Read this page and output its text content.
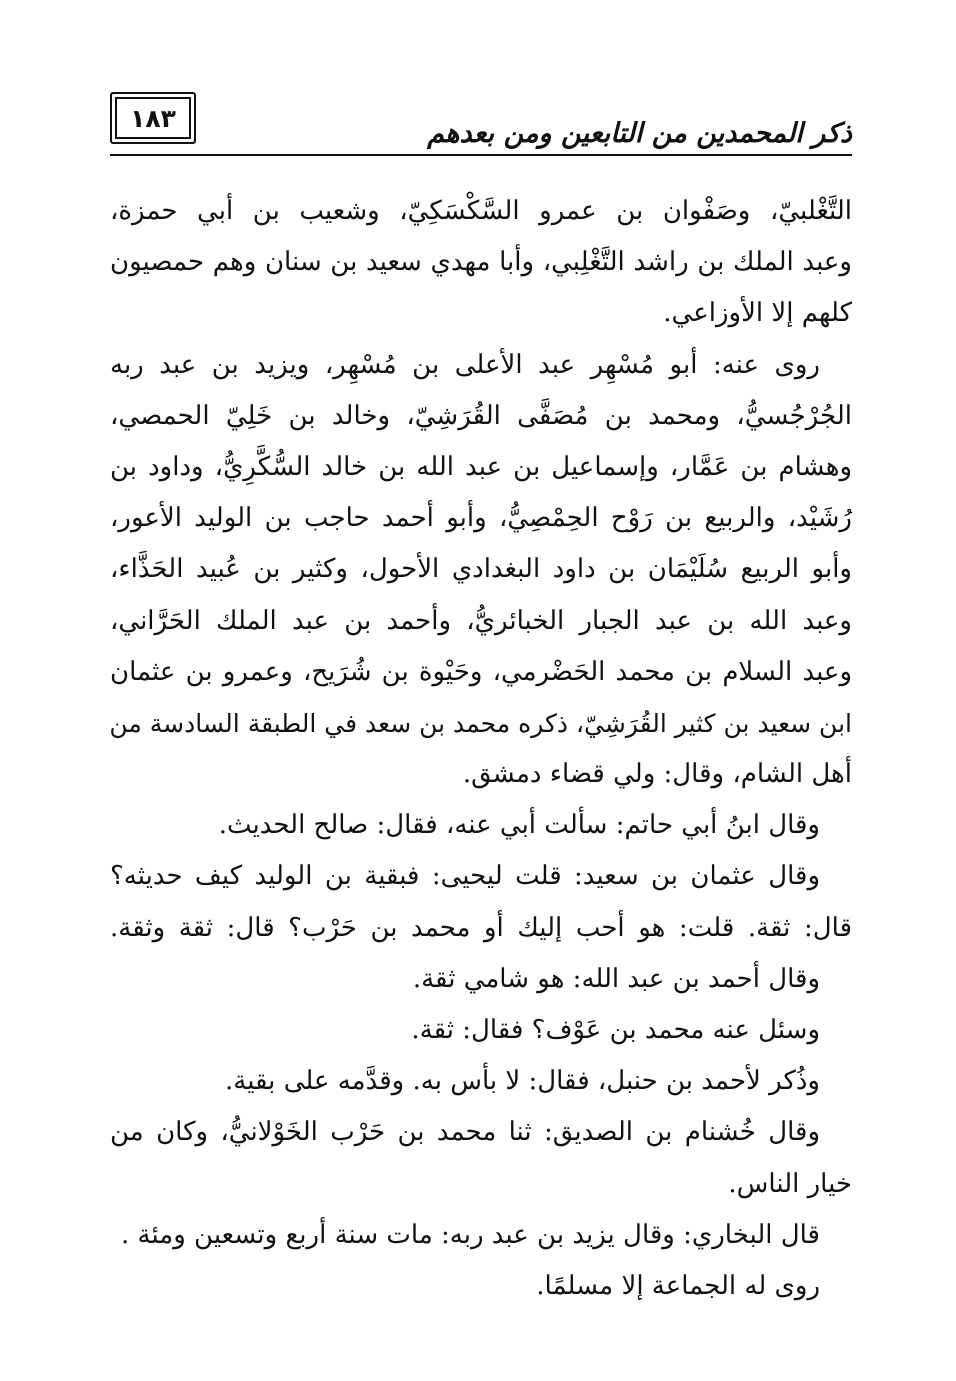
ذكر المحمدين من التابعين ومن بعدهم
١٨٣
التَّغْلبيّ، وصَفْوان بن عمرو السَّكْسَكِيّ، وشعيب بن أبي حمزة،
وعبد الملك بن راشد التَّغْلِبي، وأبا مهدي سعيد بن سنان وهم حمصيون
كلهم إلا الأوزاعي.
روى عنه: أبو مُسْهِر عبد الأعلى بن مُسْهِر، ويزيد بن عبد ربه
الجُرْجُسيُّ، ومحمد بن مُصَفَّى القُرَشِيّ، وخالد بن خَلِيّ الحمصي،
وهشام بن عَمَّار، وإسماعيل بن عبد الله بن خالد السُّكَّرِيُّ، وداود بن
رُشَيْد، والربيع بن رَوْح الحِمْصِيُّ، وأبو أحمد حاجب بن الوليد الأعور،
وأبو الربيع سُلَيْمَان بن داود البغدادي الأحول، وكثير بن عُبيد الحَذَّاء،
وعبد الله بن عبد الجبار الخبائريُّ، وأحمد بن عبد الملك الحَرَّاني،
وعبد السلام بن محمد الحَضْرمي، وحَيْوة بن شُرَيح، وعمرو بن عثمان
ابن سعيد بن كثير القُرَشِيّ، ذكره محمد بن سعد في الطبقة السادسة من
أهل الشام، وقال: ولي قضاء دمشق.
وقال ابنُ أبي حاتم: سألت أبي عنه، فقال: صالح الحديث.
وقال عثمان بن سعيد: قلت ليحيى: فبقية بن الوليد كيف حديثه؟
قال: ثقة. قلت: هو أحب إليك أو محمد بن حَرْب؟ قال: ثقة وثقة.
وقال أحمد بن عبد الله: هو شامي ثقة.
وسئل عنه محمد بن عَوْف؟ فقال: ثقة.
وذُكر لأحمد بن حنبل، فقال: لا بأس به. وقدَّمه على بقية.
وقال خُشنام بن الصديق: ثنا محمد بن حَرْب الخَوْلانيُّ، وكان من
خيار الناس.
قال البخاري: وقال يزيد بن عبد ربه: مات سنة أربع وتسعين ومئة .
روى له الجماعة إلا مسلمًا.
